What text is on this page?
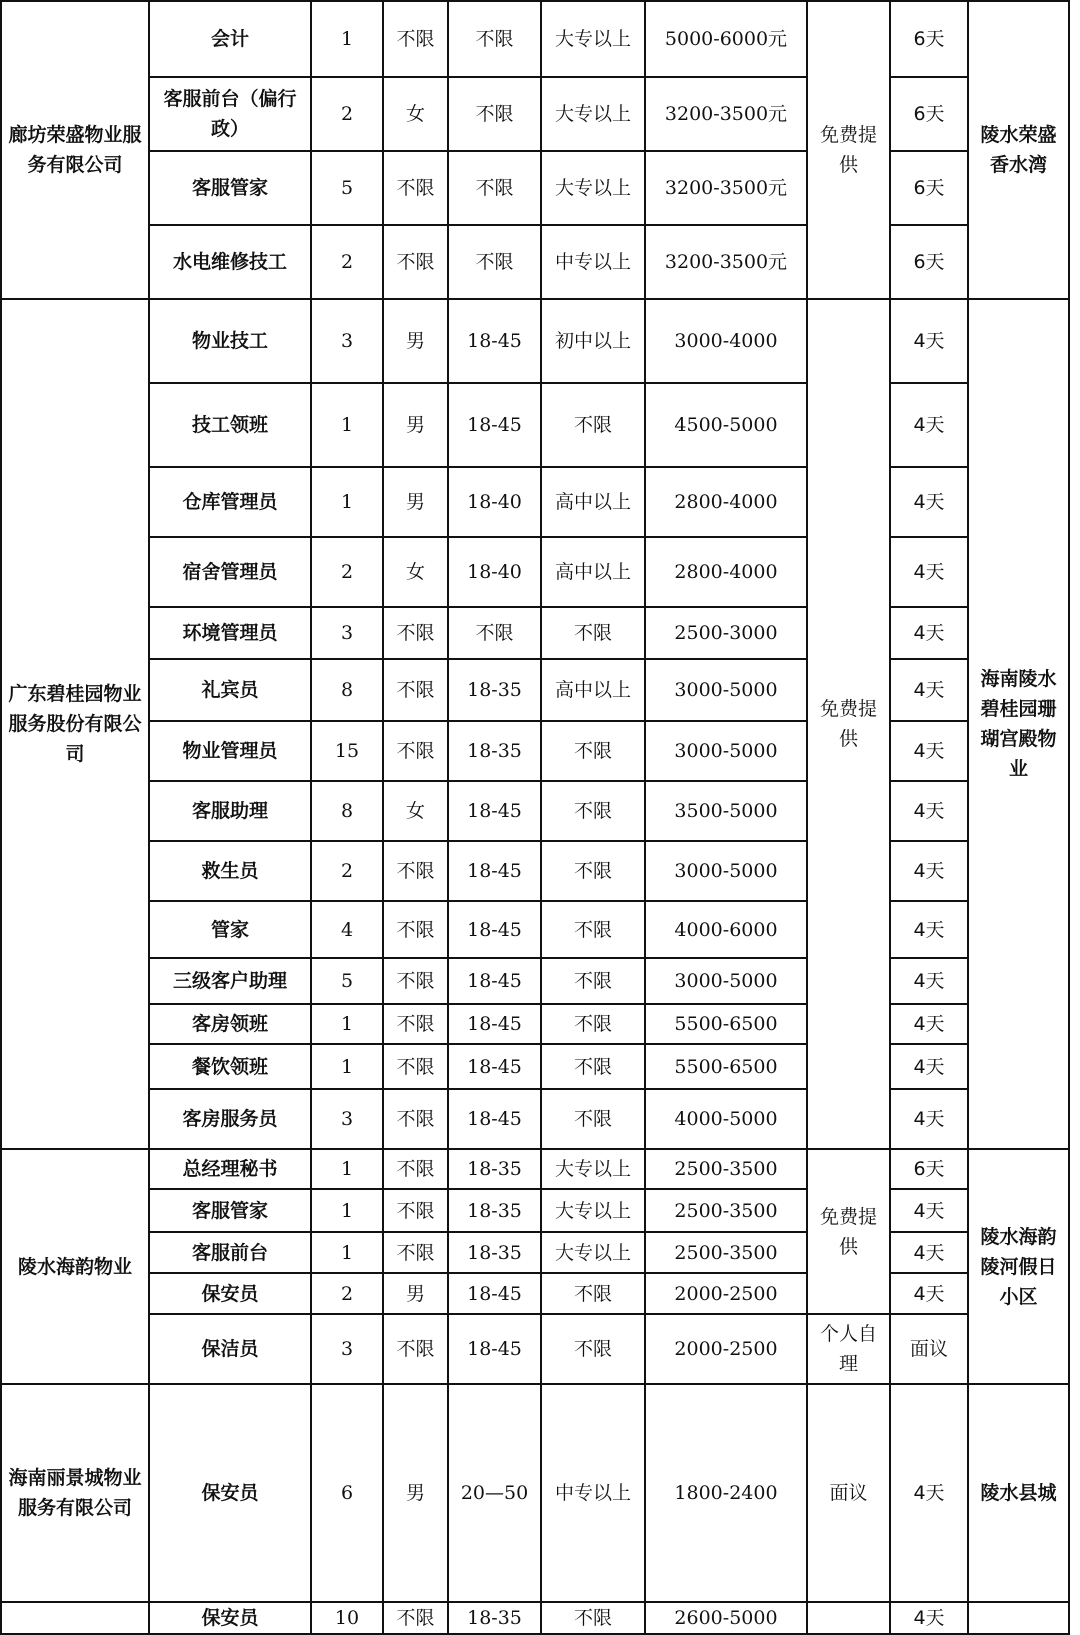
廊坊荣盛物业服务有限公司	会计	1	不限	不限	大专以上	5000-6000元	免费提供	6天	陵水荣盛香水湾
	客服前台（偏行政）	2	女	不限	大专以上	3200-3500元		6天	
	客服管家	5	不限	不限	大专以上	3200-3500元		6天	
	水电维修技工	2	不限	不限	中专以上	3200-3500元		6天	
广东碧桂园物业服务股份有限公司	物业技工	3	男	18-45	初中以上	3000-4000	免费提供	4天	海南陵水碧桂园珊瑚宫殿物业
	技工领班	1	男	18-45	不限	4500-5000		4天	
	仓库管理员	1	男	18-40	高中以上	2800-4000		4天	
	宿舍管理员	2	女	18-40	高中以上	2800-4000		4天	
	环境管理员	3	不限	不限	不限	2500-3000		4天	
	礼宾员	8	不限	18-35	高中以上	3000-5000		4天	
	物业管理员	15	不限	18-35	不限	3000-5000		4天	
	客服助理	8	女	18-45	不限	3500-5000		4天	
	救生员	2	不限	18-45	不限	3000-5000		4天	
	管家	4	不限	18-45	不限	4000-6000		4天	
	三级客户助理	5	不限	18-45	不限	3000-5000		4天	
	客房领班	1	不限	18-45	不限	5500-6500		4天	
	餐饮领班	1	不限	18-45	不限	5500-6500		4天	
	客房服务员	3	不限	18-45	不限	4000-5000		4天	
陵水海韵物业	总经理秘书	1	不限	18-35	大专以上	2500-3500	免费提供	6天	陵水海韵陵河假日小区
	客服管家	1	不限	18-35	大专以上	2500-3500		4天	
	客服前台	1	不限	18-35	大专以上	2500-3500		4天	
	保安员	2	男	18-45	不限	2000-2500		4天	
	保洁员	3	不限	18-45	不限	2000-2500	个人自理	面议	
海南丽景城物业服务有限公司	保安员	6	男	20—50	中专以上	1800-2400	面议	4天	陵水县城
	保安员	10	不限	18-35	不限	2600-5000		4天	
